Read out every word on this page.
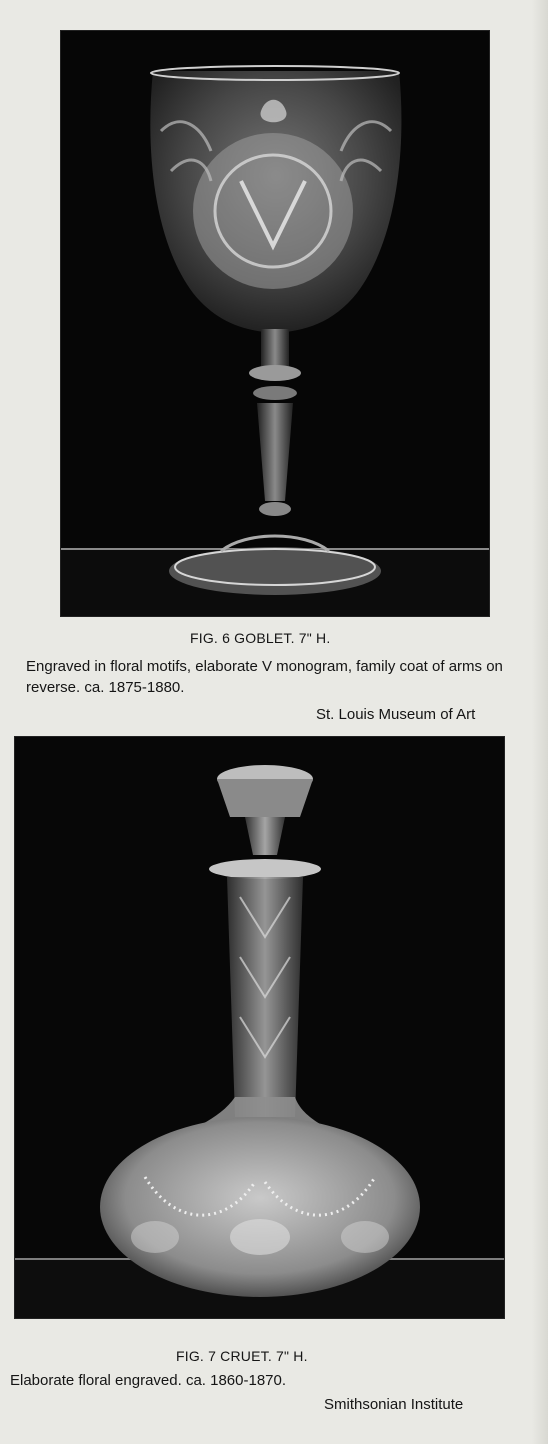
FIG. 6 GOBLET. 7" H.
Engraved in floral motifs, elaborate V monogram, family coat of arms on reverse. ca. 1875-1880.
St. Louis Museum of Art
FIG. 7 CRUET. 7" H.
Elaborate floral engraved. ca. 1860-1870.
Smithsonian Institute
